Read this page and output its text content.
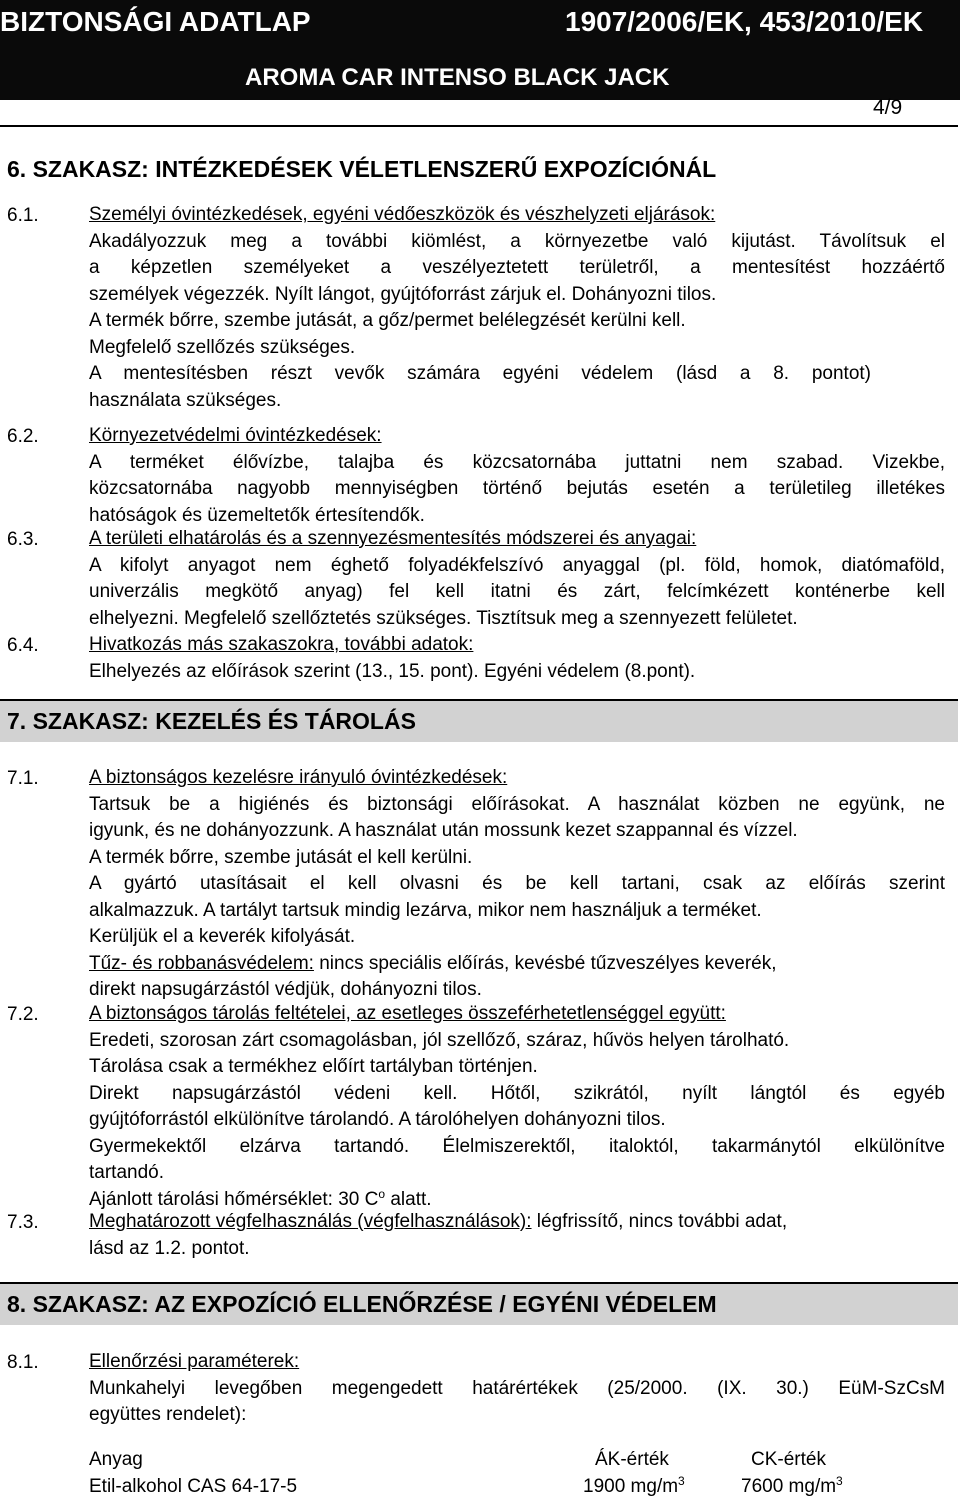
BIZTONSÁGI ADATLAP	1907/2006/EK, 453/2010/EK
AROMA CAR INTENSO BLACK JACK
4/9
6. SZAKASZ: INTÉZKEDÉSEK VÉLETLENSZERŰ EXPOZÍCIÓNÁL
6.1.	Személyi óvintézkedések, egyéni védőeszközök és vészhelyzeti eljárások:
Akadályozzuk meg a további kiömlést, a környezetbe való kijutást. Távolítsuk el
a képzetlen személyeket a veszélyeztetett területről, a mentesítést hozzáértő
személyek végezzék. Nyílt lángot, gyújtóforrást zárjuk el. Dohányozni tilos.
A termék bőrre, szembe jutását, a gőz/permet belélegzését kerülni kell.
Megfelelő szellőzés szükséges.
A mentesítésben részt vevők számára egyéni védelem (lásd a 8. pontot)
használata szükséges.
6.2.	Környezetvédelmi óvintézkedések:
A terméket élővízbe, talajba és közcsatornába juttatni nem szabad. Vizekbe,
közcsatornába nagyobb mennyiségben történő bejutás esetén a területileg illetékes
hatóságok és üzemeltetők értesítendők.
6.3.	A területi elhatárolás és a szennyezésmentesítés módszerei és anyagai:
A kifolyt anyagot nem éghető folyadékfelszívó anyaggal (pl. föld, homok, diatómaföld,
univerzális megkötő anyag) fel kell itatni és zárt, felcímkézett konténerbe kell
elhelyezni. Megfelelő szellőztetés szükséges. Tisztítsuk meg a szennyezett felületet.
6.4.	Hivatkozás más szakaszokra, további adatok:
Elhelyezés az előírások szerint (13., 15. pont). Egyéni védelem (8.pont).
7. SZAKASZ: KEZELÉS ÉS TÁROLÁS
7.1.	A biztonságos kezelésre irányuló óvintézkedések:
Tartsuk be a higiénés és biztonsági előírásokat. A használat közben ne együnk, ne
igyunk, és ne dohányozzunk. A használat után mossunk kezet szappannal és vízzel.
A termék bőrre, szembe jutását el kell kerülni.
A gyártó utasításait el kell olvasni és be kell tartani, csak az előírás szerint
alkalmazzuk. A tartályt tartsuk mindig lezárva, mikor nem használjuk a terméket.
Kerüljük el a keverék kifolyását.
Tűz- és robbanásvédelem: nincs speciális előírás, kevésbé tűzveszélyes keverék,
direkt napsugárzástól védjük, dohányozni tilos.
7.2.	A biztonságos tárolás feltételei, az esetleges összeférhetetlenséggel együtt:
Eredeti, szorosan zárt csomagolásban, jól szellőző, száraz, hűvös helyen tárolható.
Tárolása csak a termékhez előírt tartályban történjen.
Direkt napsugárzástól védeni kell. Hőtől, szikrától, nyílt lángtól és egyéb
gyújtóforrástól elkülönítve tárolandó. A tárolóhelyen dohányozni tilos.
Gyermekektől elzárva tartandó. Élelmiszerektől, italoktól, takarmánytól elkülönítve
tartandó.
Ajánlott tárolási hőmérséklet: 30 $C^o$ alatt.
7.3.	Meghatározott végfelhasználás (végfelhasználások): légfrissítő, nincs további adat,
lásd az 1.2. pontot.
8. SZAKASZ: AZ EXPOZÍCIÓ ELLENŐRZÉSE / EGYÉNI VÉDELEM
8.1.	Ellenőrzési paraméterek:
Munkahelyi levegőben megengedett határértékek (25/2000. (IX. 30.) EüM-SzCsM
együttes rendelet):
Anyag	ÁK-érték	CK-érték
Etil-alkohol CAS 64-17-5	1900 $mg/m^3$	7600 $mg/m^3$
